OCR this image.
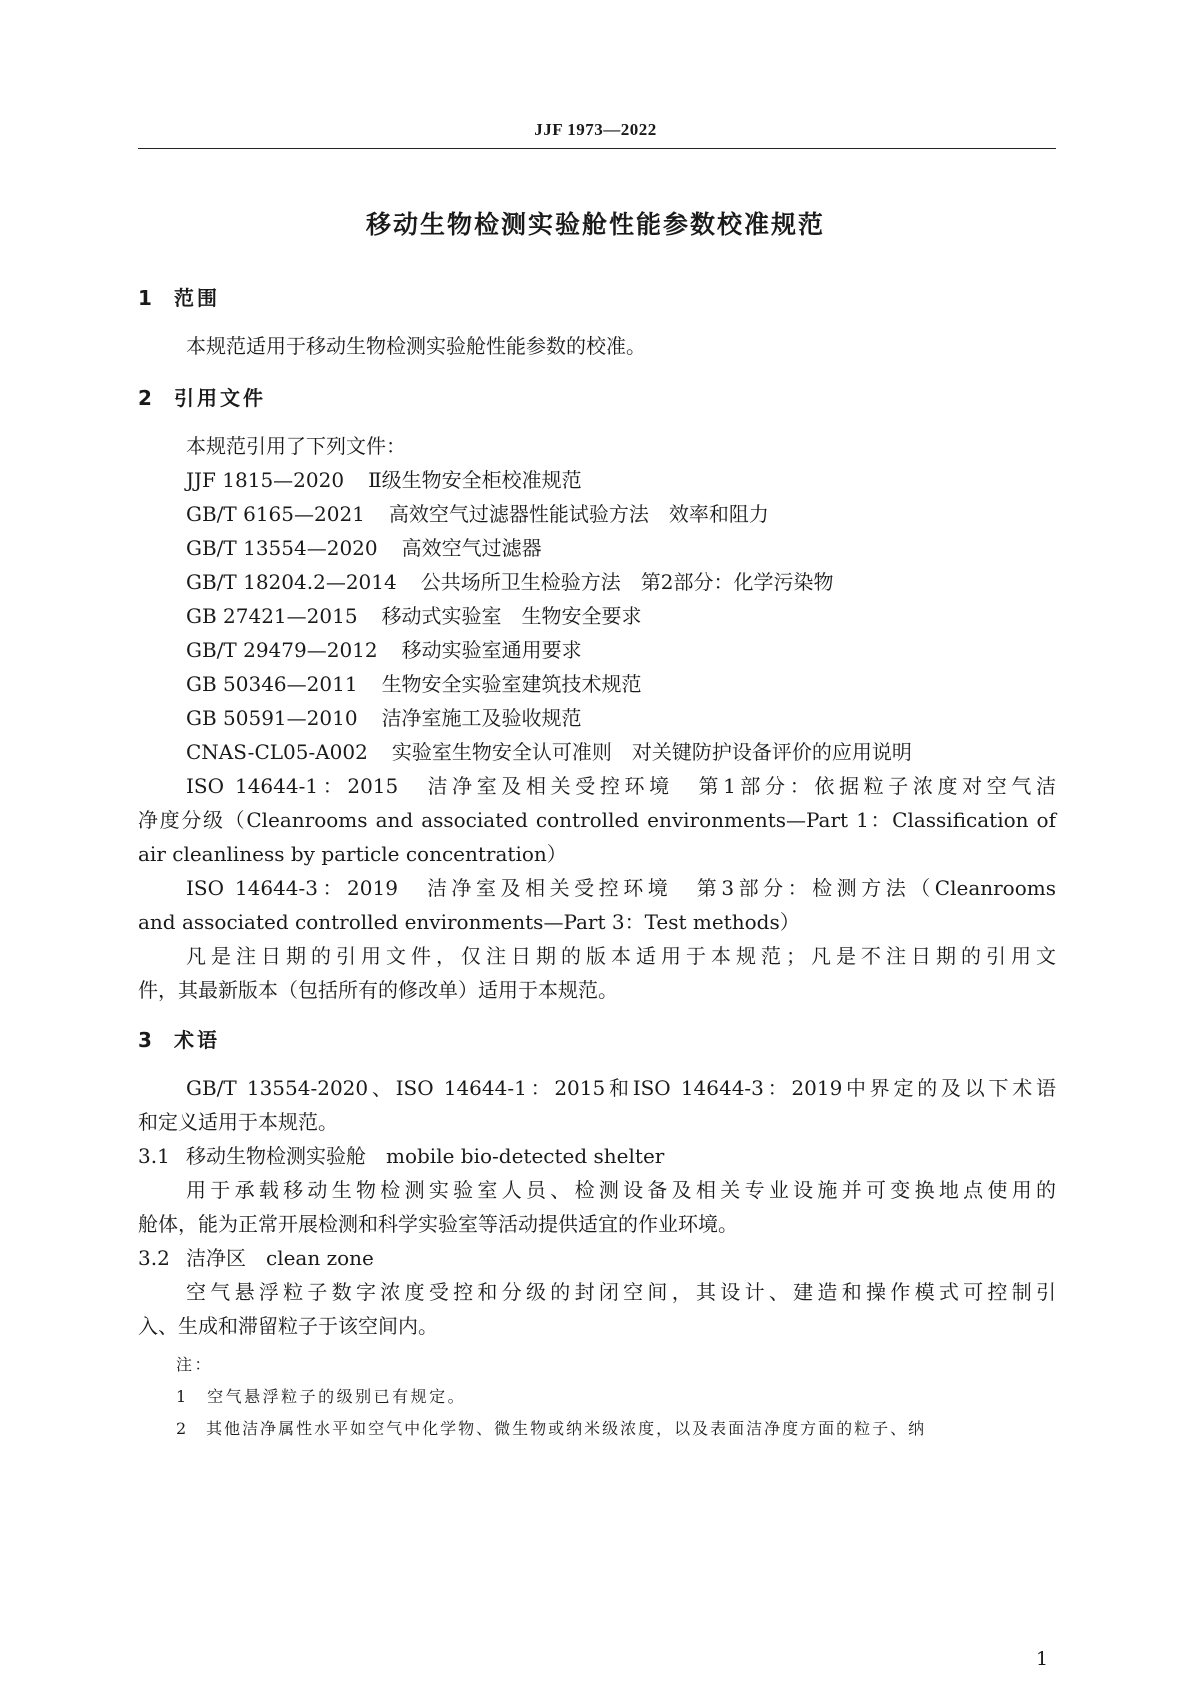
JJF 1973—2022
移动生物检测实验舱性能参数校准规范
1 范围
本规范适用于移动生物检测实验舱性能参数的校准。
2 引用文件
本规范引用了下列文件：
JJF 1815—2020 Ⅱ级生物安全柜校准规范
GB/T 6165—2021 高效空气过滤器性能试验方法　效率和阻力
GB/T 13554—2020 高效空气过滤器
GB/T 18204.2—2014 公共场所卫生检验方法　第2部分：化学污染物
GB 27421—2015 移动式实验室　生物安全要求
GB/T 29479—2012 移动实验室通用要求
GB 50346—2011 生物安全实验室建筑技术规范
GB 50591—2010 洁净室施工及验收规范
CNAS-CL05-A002 实验室生物安全认可准则　对关键防护设备评价的应用说明
ISO 14644-1：2015　洁净室及相关受控环境　第1部分：依据粒子浓度对空气洁
净度分级（Cleanrooms and associated controlled environments—Part 1：Classification of
air cleanliness by particle concentration）
ISO 14644-3：2019　洁净室及相关受控环境　第3部分：检测方法（Cleanrooms
and associated controlled environments—Part 3：Test methods）
凡是注日期的引用文件，仅注日期的版本适用于本规范；凡是不注日期的引用文
件，其最新版本（包括所有的修改单）适用于本规范。
3 术语
GB/T 13554-2020、ISO 14644-1：2015和ISO 14644-3：2019中界定的及以下术语
和定义适用于本规范。
3.1 移动生物检测实验舱　mobile bio-detected shelter
用于承载移动生物检测实验室人员、检测设备及相关专业设施并可变换地点使用的
舱体，能为正常开展检测和科学实验室等活动提供适宜的作业环境。
3.2 洁净区　clean zone
空气悬浮粒子数字浓度受控和分级的封闭空间，其设计、建造和操作模式可控制引
入、生成和滞留粒子于该空间内。
注：
1　空气悬浮粒子的级别已有规定。
2　其他洁净属性水平如空气中化学物、微生物或纳米级浓度，以及表面洁净度方面的粒子、纳
1
